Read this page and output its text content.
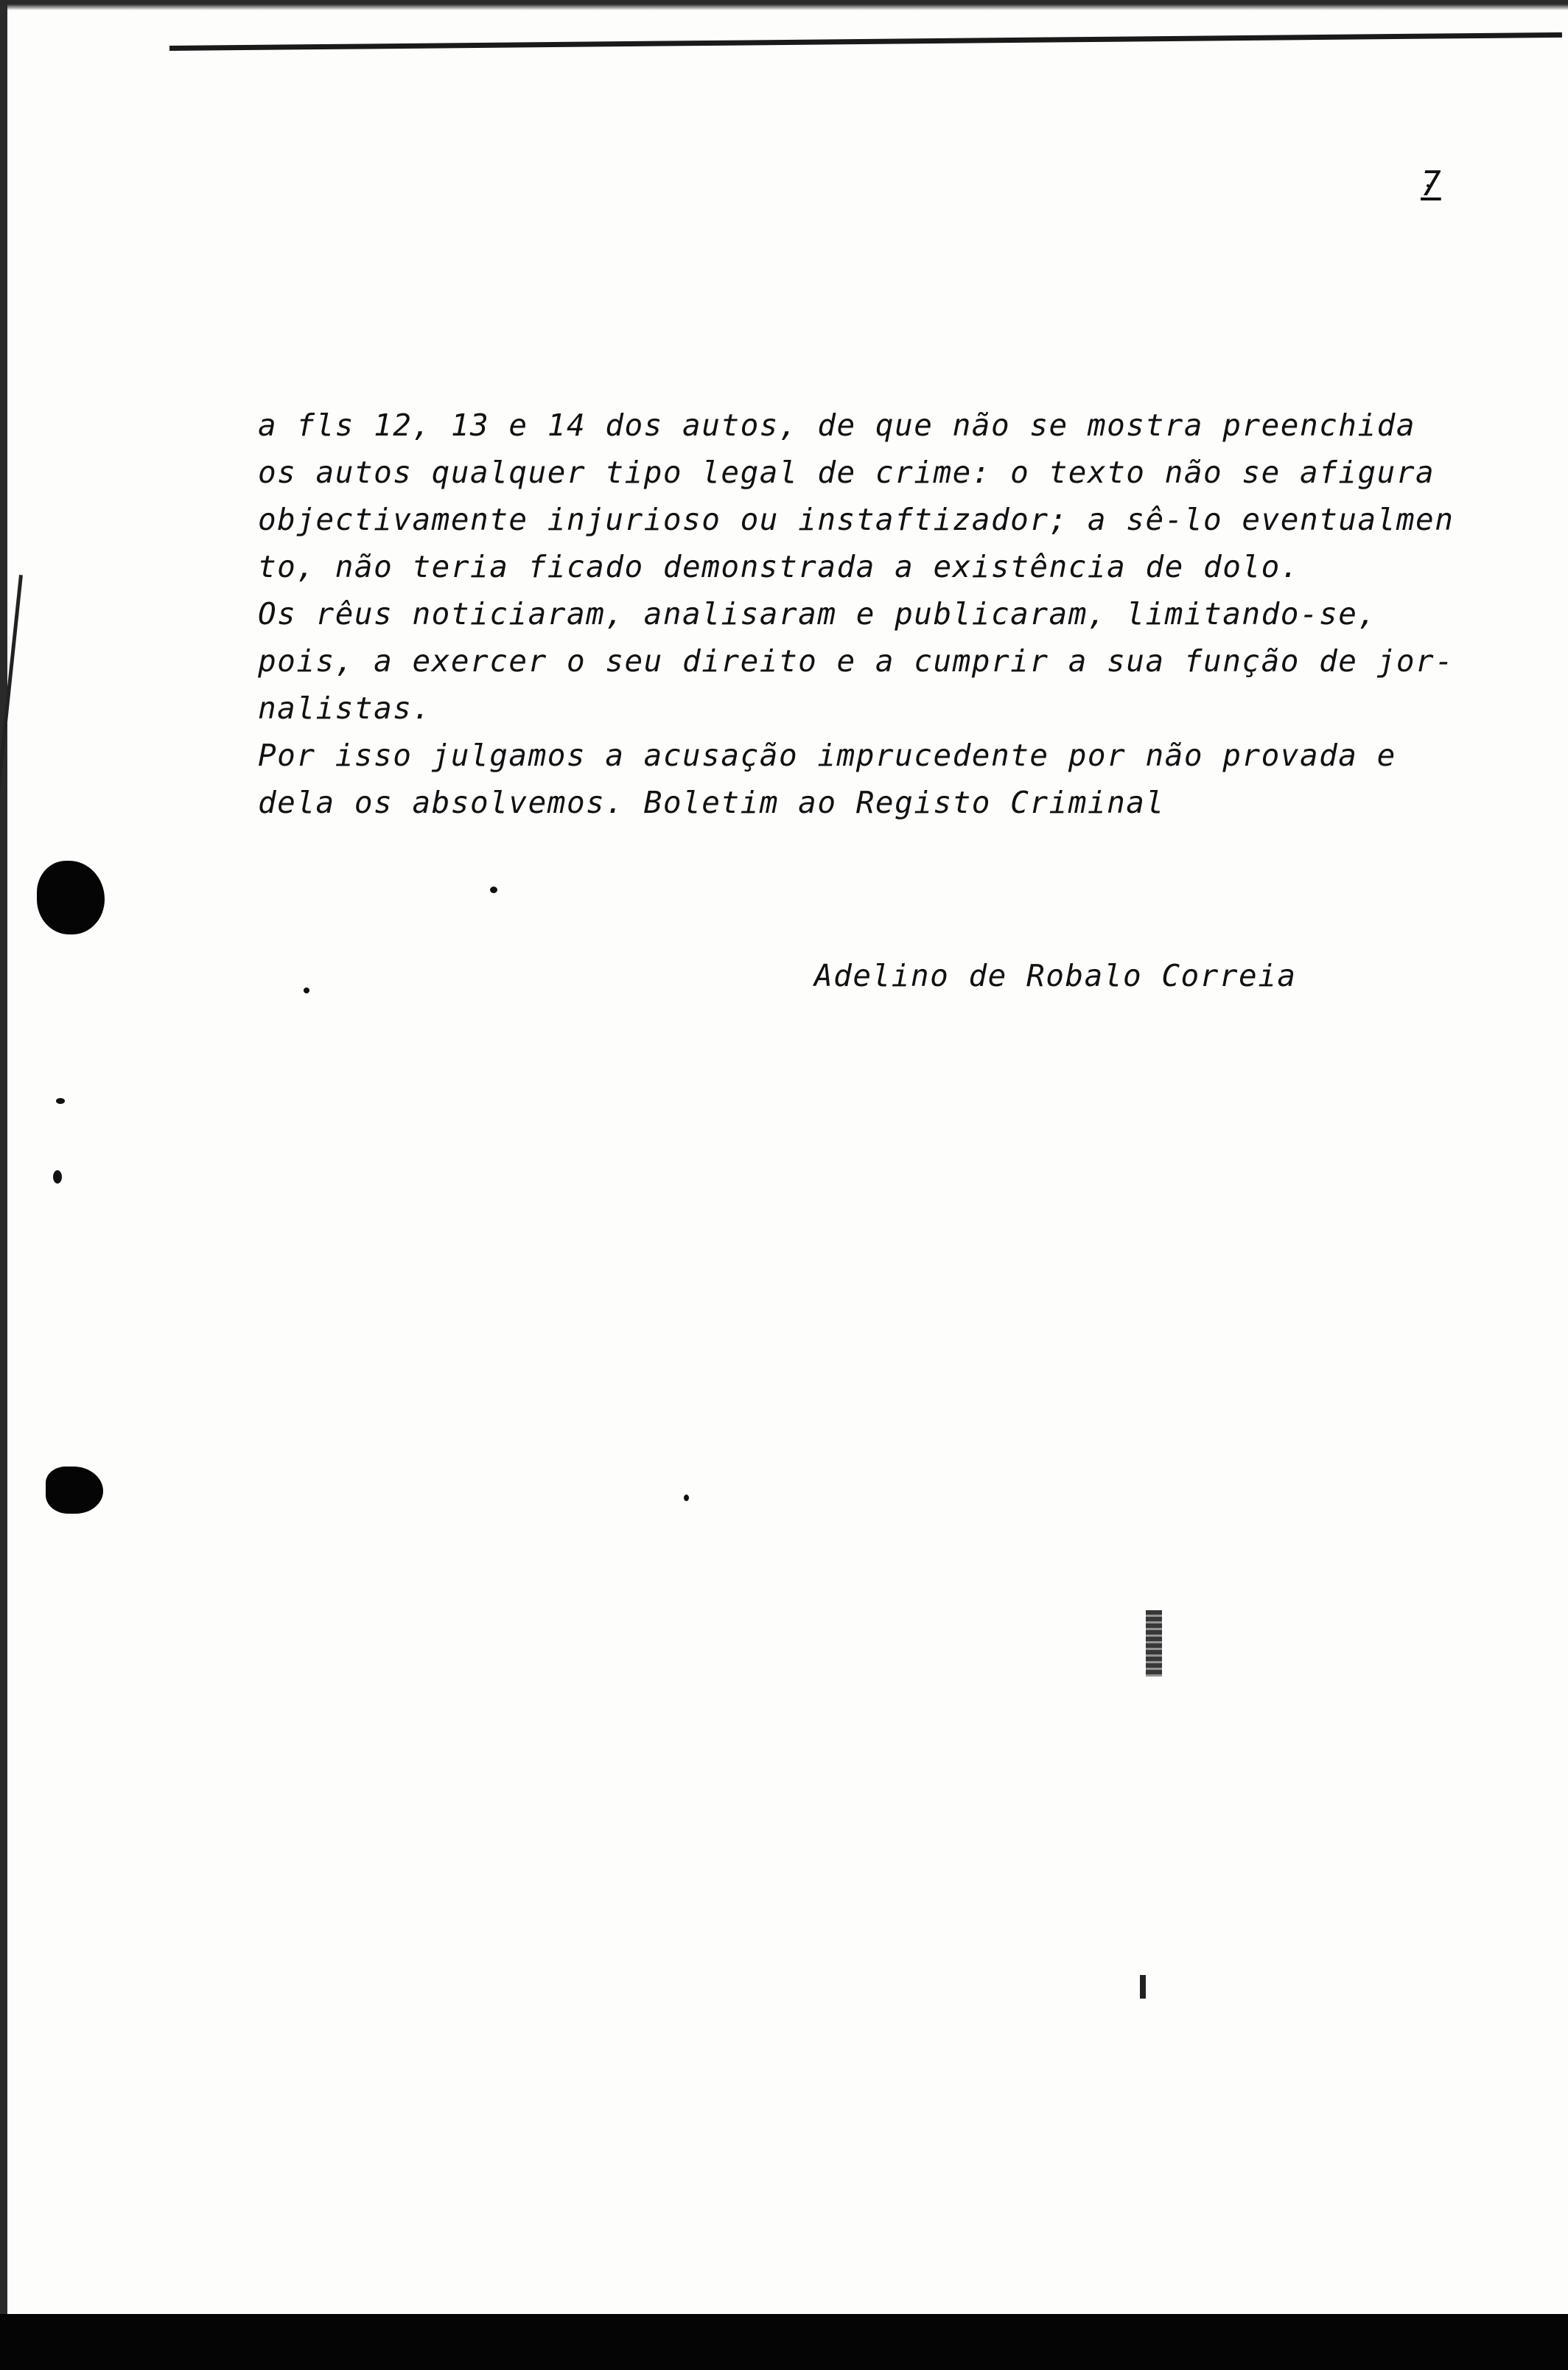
7
a fls 12, 13 e 14 dos autos, de que não se mostra preenchida
os autos qualquer tipo legal de crime: o texto não se afigura
objectivamente injurioso ou instaftizador; a sê-lo eventualmen
to, não teria ficado demonstrada a existência de dolo.
Os rêus noticiaram, analisaram e publicaram, limitando-se,
pois, a exercer o seu direito e a cumprir a sua função de jor-
nalistas.
Por isso julgamos a acusação imprucedente por não provada e
dela os absolvemos. Boletim ao Registo Criminal
Adelino de Robalo Correia
